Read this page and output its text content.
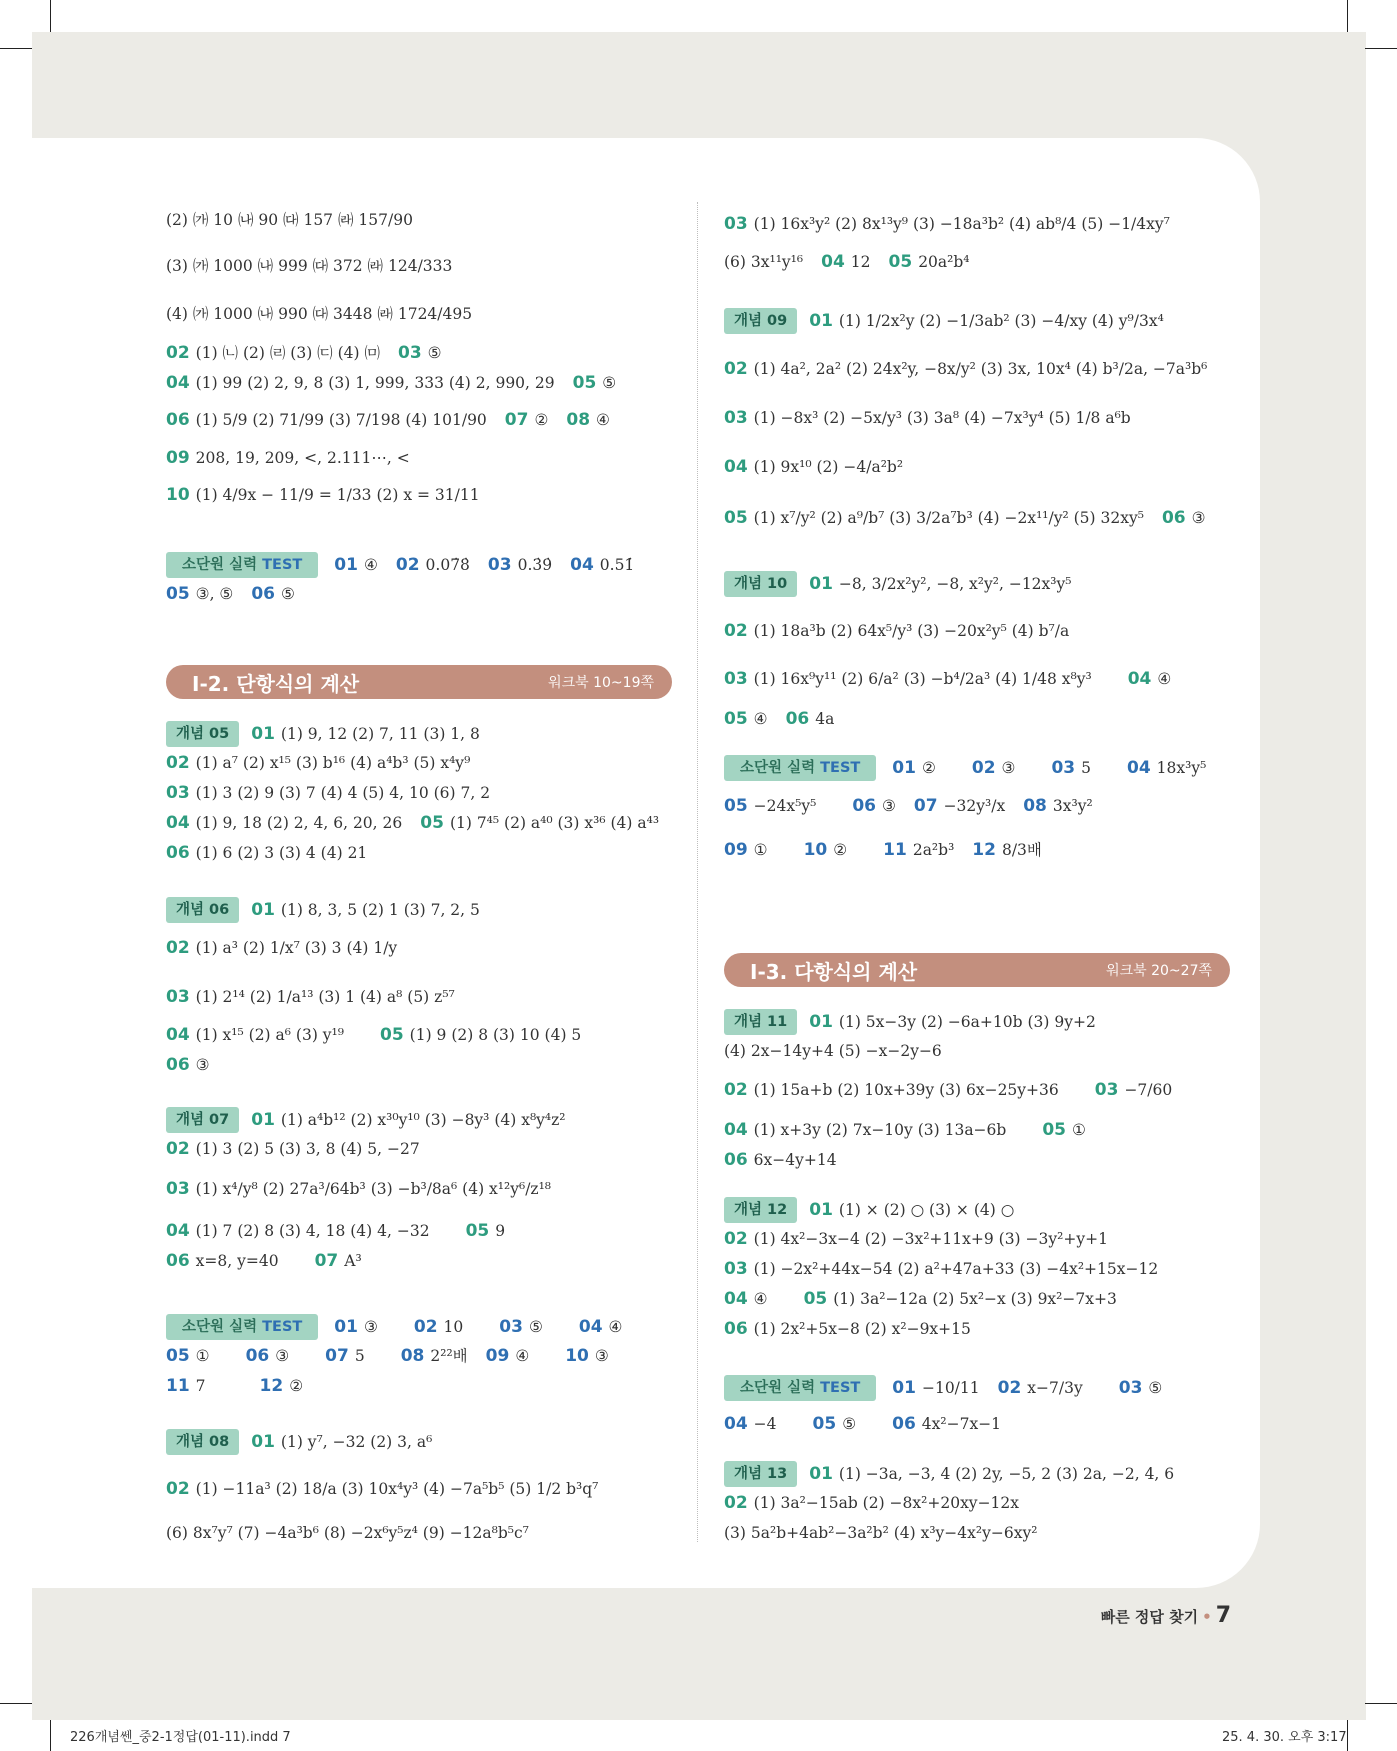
(2) ㈎ 10 ㈏ 90 ㈐ 157 ㈑ 157/90
(3) ㈎ 1000 ㈏ 999 ㈐ 372 ㈑ 124/333
(4) ㈎ 1000 ㈏ 990 ㈐ 3448 ㈑ 1724/495
02 (1) ㈁ (2) ㈃ (3) ㈂ (4) ㈄ 03 ⑤
04 (1) 99 (2) 2, 9, 8 (3) 1, 999, 333 (4) 2, 990, 29 05 ⑤
06 (1) 5/9 (2) 71/99 (3) 7/198 (4) 101/90 07 ② 08 ④
09 208, 19, 209, <, 2.111⋯, <
10 (1) 4/9x − 11/9 = 1/33 (2) x = 31/11
소단원 실력 TEST	01 ④ 02 0.07̇8̇ 03 0.3̇9̇ 04 0.51̇
05 ③, ⑤ 06 ⑤
Ⅰ-2. 단항식의 계산	워크북 10~19쪽
개념 05	01 (1) 9, 12 (2) 7, 11 (3) 1, 8
02 (1) a⁷ (2) x¹⁵ (3) b¹⁶ (4) a⁴b³ (5) x⁴y⁹
03 (1) 3 (2) 9 (3) 7 (4) 4 (5) 4, 10 (6) 7, 2
04 (1) 9, 18 (2) 2, 4, 6, 20, 26 05 (1) 7⁴⁵ (2) a⁴⁰ (3) x³⁶ (4) a⁴³
06 (1) 6 (2) 3 (3) 4 (4) 21
개념 06	01 (1) 8, 3, 5 (2) 1 (3) 7, 2, 5
02 (1) a³ (2) 1/x⁷ (3) 3 (4) 1/y
03 (1) 2¹⁴ (2) 1/a¹³ (3) 1 (4) a⁸ (5) z⁵⁷
04 (1) x¹⁵ (2) a⁶ (3) y¹⁹ 05 (1) 9 (2) 8 (3) 10 (4) 5
06 ③
개념 07	01 (1) a⁴b¹² (2) x³⁰y¹⁰ (3) −8y³ (4) x⁸y⁴z²
02 (1) 3 (2) 5 (3) 3, 8 (4) 5, −27
03 (1) x⁴/y⁸ (2) 27a³/64b³ (3) −b³/8a⁶ (4) x¹²y⁶/z¹⁸
04 (1) 7 (2) 8 (3) 4, 18 (4) 4, −32 05 9
06 x=8, y=40 07 A³
소단원 실력 TEST	01 ③ 02 10 03 ⑤ 04 ④
05 ① 06 ③ 07 5 08 2²²배 09 ④ 10 ③
11 7	12 ②
개념 08	01 (1) y⁷, −32 (2) 3, a⁶
02 (1) −11a³ (2) 18/a (3) 10x⁴y³ (4) −7a⁵b⁵ (5) 1/2 b³q⁷
(6) 8x⁷y⁷ (7) −4a³b⁶ (8) −2x⁶y⁵z⁴ (9) −12a⁸b⁵c⁷
03 (1) 16x³y² (2) 8x¹³y⁹ (3) −18a³b² (4) ab⁸/4 (5) −1/4xy⁷
(6) 3x¹¹y¹⁶ 04 12 05 20a²b⁴
개념 09	01 (1) 1/2x²y (2) −1/3ab² (3) −4/xy (4) y⁹/3x⁴
02 (1) 4a², 2a² (2) 24x²y, −8x/y² (3) 3x, 10x⁴ (4) b³/2a, −7a³b⁶
03 (1) −8x³ (2) −5x/y³ (3) 3a⁸ (4) −7x³y⁴ (5) 1/8 a⁶b
04 (1) 9x¹⁰ (2) −4/a²b²
05 (1) x⁷/y² (2) a⁹/b⁷ (3) 3/2a⁷b³ (4) −2x¹¹/y² (5) 32xy⁵ 06 ③
개념 10	01 −8, 3/2x²y², −8, x²y², −12x³y⁵
02 (1) 18a³b (2) 64x⁵/y³ (3) −20x²y⁵ (4) b⁷/a
03 (1) 16x⁹y¹¹ (2) 6/a² (3) −b⁴/2a³ (4) 1/48 x⁸y³ 04 ④
05 ④ 06 4a
소단원 실력 TEST	01 ② 02 ③ 03 5 04 18x³y⁵
05 −24x⁵y⁵ 06 ③ 07 −32y³/x 08 3x³y²
09 ① 10 ② 11 2a²b³ 12 8/3배
Ⅰ-3. 다항식의 계산	워크북 20~27쪽
개념 11	01 (1) 5x−3y (2) −6a+10b (3) 9y+2
(4) 2x−14y+4 (5) −x−2y−6
02 (1) 15a+b (2) 10x+39y (3) 6x−25y+36 03 −7/60
04 (1) x+3y (2) 7x−10y (3) 13a−6b 05 ①
06 6x−4y+14
개념 12	01 (1) × (2) ○ (3) × (4) ○
02 (1) 4x²−3x−4 (2) −3x²+11x+9 (3) −3y²+y+1
03 (1) −2x²+44x−54 (2) a²+47a+33 (3) −4x²+15x−12
04 ④ 05 (1) 3a²−12a (2) 5x²−x (3) 9x²−7x+3
06 (1) 2x²+5x−8 (2) x²−9x+15
소단원 실력 TEST	01 −10/11 02 x−7/3y 03 ⑤
04 −4 05 ⑤ 06 4x²−7x−1
개념 13	01 (1) −3a, −3, 4 (2) 2y, −5, 2 (3) 2a, −2, 4, 6
02 (1) 3a²−15ab (2) −8x²+20xy−12x
(3) 5a²b+4ab²−3a²b² (4) x³y−4x²y−6xy²
빠른 정답 찾기 • 7
226개념쎈_중2-1정답(01-11).indd 7	25. 4. 30. 오후 3:17
